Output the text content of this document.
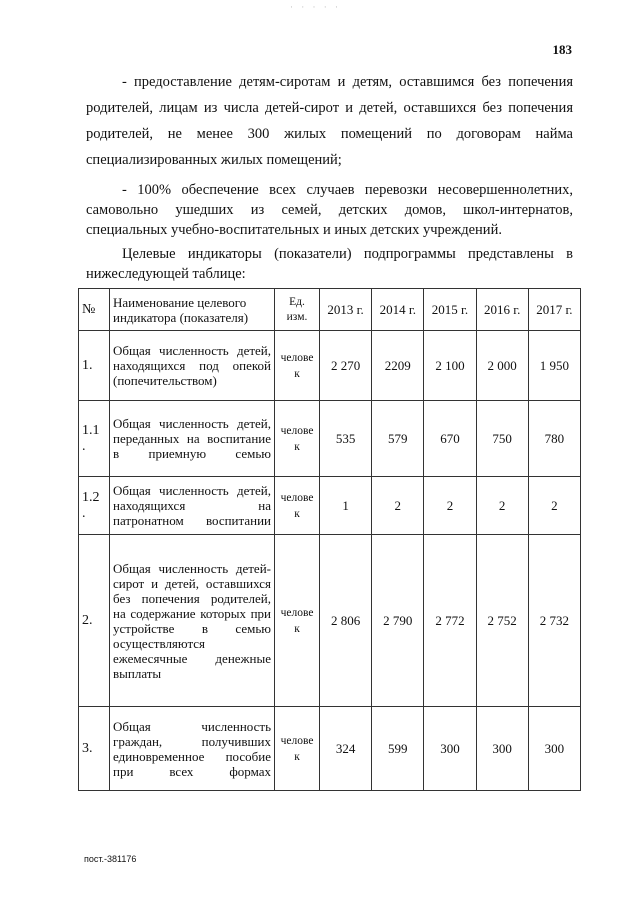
· · · · ·
183
- предоставление детям-сиротам и детям, оставшимся без попечения родителей, лицам из числа детей-сирот и детей, оставшихся без попечения родителей, не менее 300 жилых помещений по договорам найма специализированных жилых помещений;
- 100% обеспечение всех случаев перевозки несовершеннолетних, самовольно ушедших из семей, детских домов, школ-интернатов, специальных учебно-воспитательных и иных детских учреждений.
Целевые индикаторы (показатели) подпрограммы представлены в нижеследующей таблице:
№	Наименование целевого индикатора (показателя)	Ед. изм.	2013 г.	2014 г.	2015 г.	2016 г.	2017 г.
1.	Общая численность детей, находящихся под опекой (попечительством)	челове к	2 270	2209	2 100	2 000	1 950
1.1 .	Общая численность детей, переданных на воспитание в приемную семью	челове к	535	579	670	750	780
1.2 .	Общая численность детей, находящихся на патронатном воспитании	челове к	1	2	2	2	2
2.	Общая численность детей-сирот и детей, оставшихся без попечения родителей, на содержание которых при устройстве в семью осуществляются ежемесячные денежные выплаты	челове к	2 806	2 790	2 772	2 752	2 732
3.	Общая численность граждан, получивших единовременное пособие при всех формах	челове к	324	599	300	300	300
пост.-381176
